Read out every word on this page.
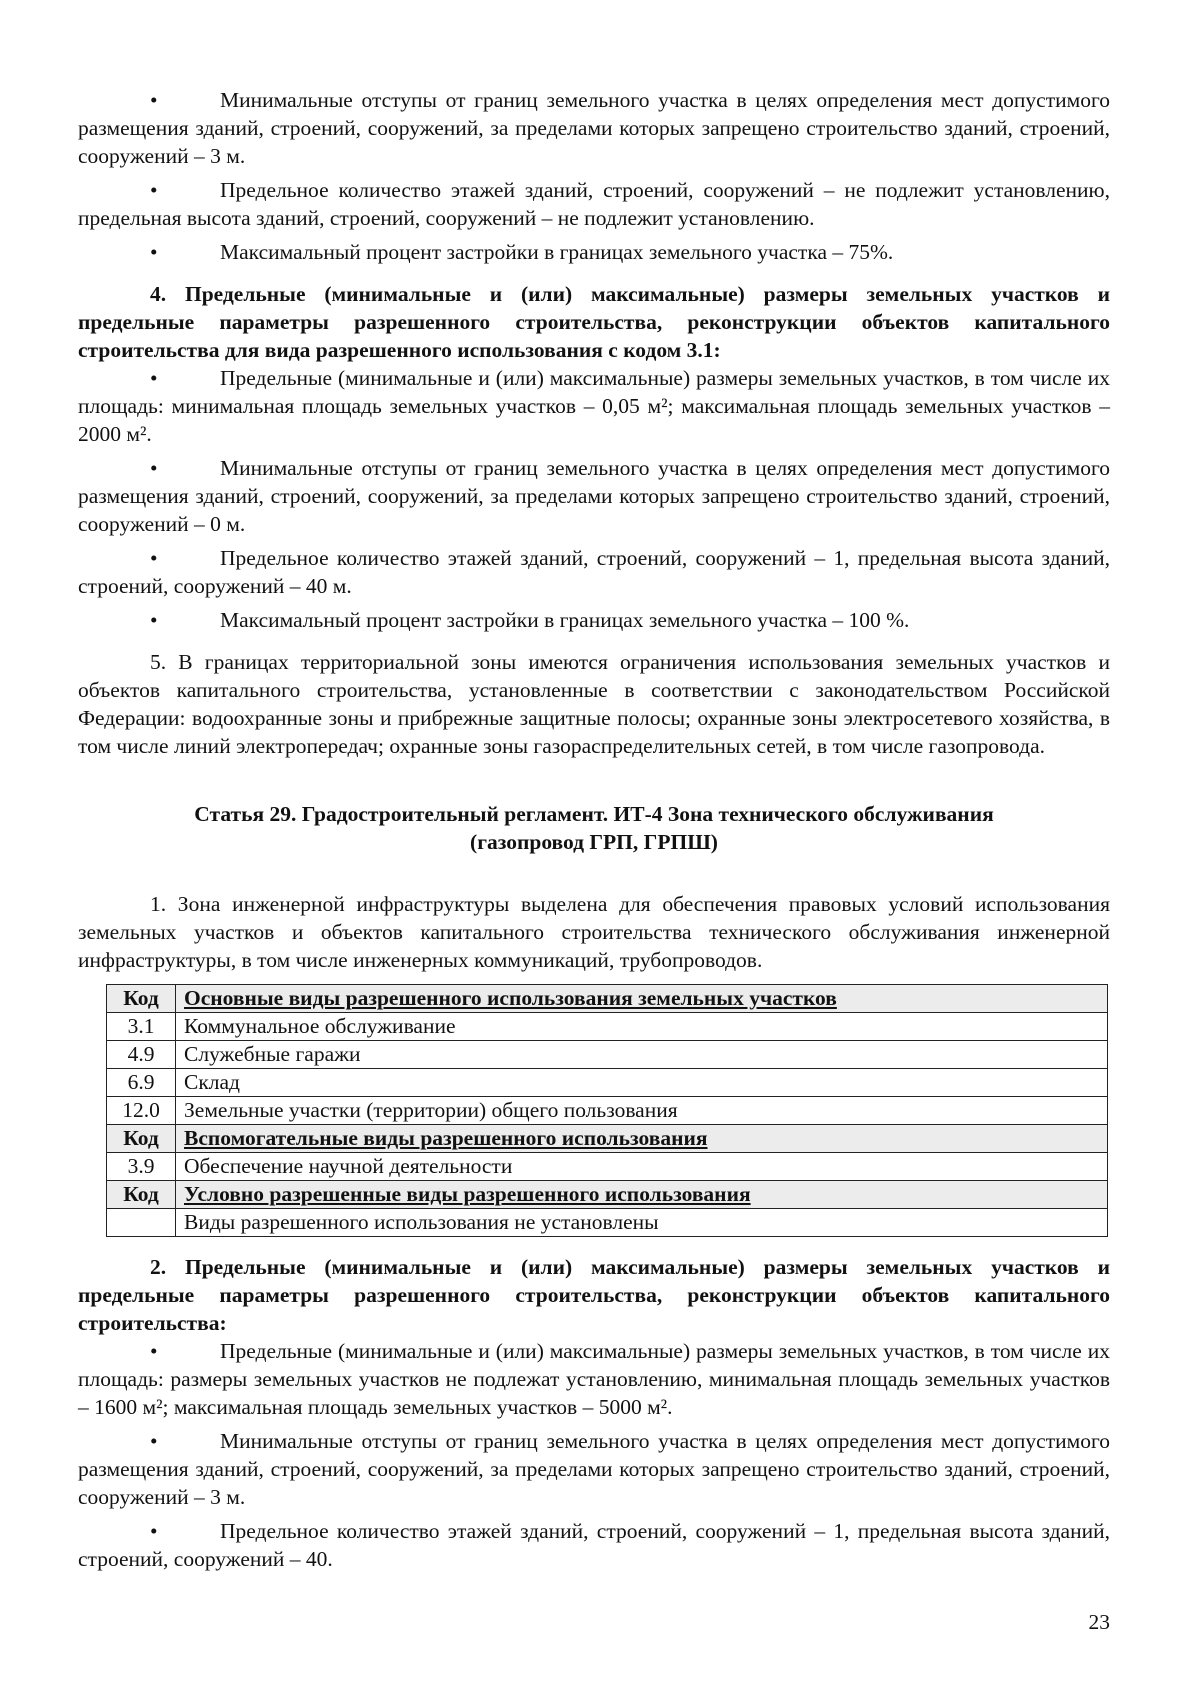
•	Минимальные отступы от границ земельного участка в целях определения мест допустимого размещения зданий, строений, сооружений, за пределами которых запрещено строительство зданий, строений, сооружений – 3 м.

•	Предельное количество этажей зданий, строений, сооружений – не подлежит установлению, предельная высота зданий, строений, сооружений – не подлежит установлению.

•	Максимальный процент застройки в границах земельного участка – 75%.

4. Предельные (минимальные и (или) максимальные) размеры земельных участков и предельные параметры разрешенного строительства, реконструкции объектов капитального строительства для вида разрешенного использования с кодом 3.1:

•	Предельные (минимальные и (или) максимальные) размеры земельных участков, в том числе их площадь: минимальная площадь земельных участков – 0,05 м²; максимальная площадь земельных участков – 2000 м².

•	Минимальные отступы от границ земельного участка в целях определения мест допустимого размещения зданий, строений, сооружений, за пределами которых запрещено строительство зданий, строений, сооружений – 0 м.

•	Предельное количество этажей зданий, строений, сооружений – 1, предельная высота зданий, строений, сооружений – 40 м.

•	Максимальный процент застройки в границах земельного участка – 100 %.

5. В границах территориальной зоны имеются ограничения использования земельных участков и объектов капитального строительства, установленные в соответствии с законодательством Российской Федерации: водоохранные зоны и прибрежные защитные полосы; охранные зоны электросетевого хозяйства, в том числе линий электропередач; охранные зоны газораспределительных сетей, в том числе газопровода.

Статья 29. Градостроительный регламент. ИТ-4 Зона технического обслуживания
(газопровод ГРП, ГРПШ)

1. Зона инженерной инфраструктуры выделена для обеспечения правовых условий использования земельных участков и объектов капитального строительства технического обслуживания инженерной инфраструктуры, в том числе инженерных коммуникаций, трубопроводов.

Код	Основные виды разрешенного использования земельных участков
3.1	Коммунальное обслуживание
4.9	Служебные гаражи
6.9	Склад
12.0	Земельные участки (территории) общего пользования
Код	Вспомогательные виды разрешенного использования
3.9	Обеспечение научной деятельности
Код	Условно разрешенные виды разрешенного использования
	Виды разрешенного использования не установлены

2. Предельные (минимальные и (или) максимальные) размеры земельных участков и предельные параметры разрешенного строительства, реконструкции объектов капитального строительства:

•	Предельные (минимальные и (или) максимальные) размеры земельных участков, в том числе их площадь: размеры земельных участков не подлежат установлению, минимальная площадь земельных участков – 1600 м²; максимальная площадь земельных участков – 5000 м².

•	Минимальные отступы от границ земельного участка в целях определения мест допустимого размещения зданий, строений, сооружений, за пределами которых запрещено строительство зданий, строений, сооружений – 3 м.

•	Предельное количество этажей зданий, строений, сооружений – 1, предельная высота зданий, строений, сооружений – 40.

23
